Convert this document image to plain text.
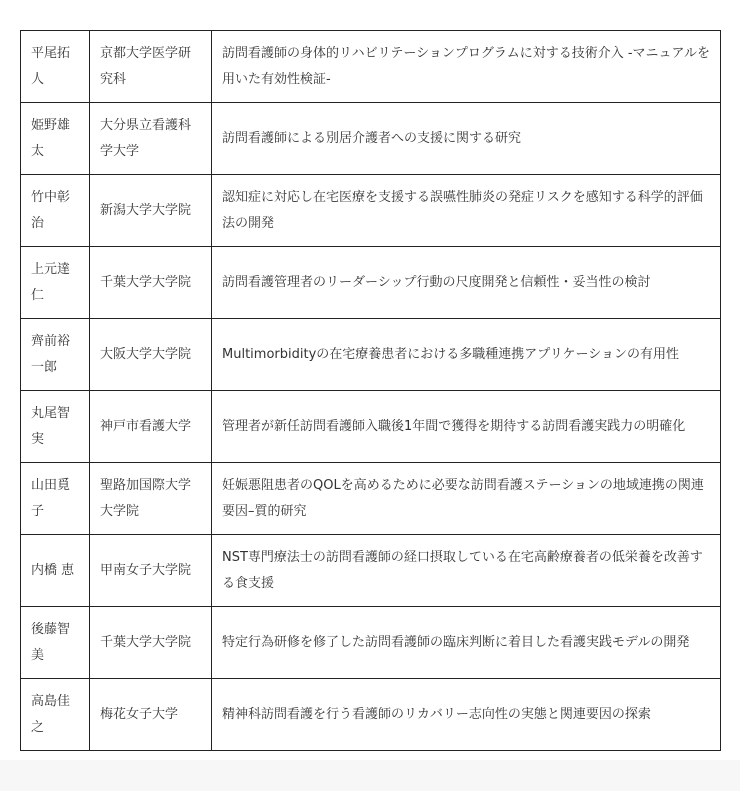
平尾拓人	京都大学医学研究科	訪問看護師の身体的リハビリテーションプログラムに対する技術介入 -マニュアルを用いた有効性検証-
姫野雄太	大分県立看護科学大学	訪問看護師による別居介護者への支援に関する研究
竹中彰治	新潟大学大学院	認知症に対応し在宅医療を支援する誤嚥性肺炎の発症リスクを感知する科学的評価法の開発
上元達仁	千葉大学大学院	訪問看護管理者のリーダーシップ行動の尺度開発と信頼性・妥当性の検討
齊前裕一郎	大阪大学大学院	Multimorbidityの在宅療養患者における多職種連携アプリケーションの有用性
丸尾智実	神戸市看護大学	管理者が新任訪問看護師入職後1年間で獲得を期待する訪問看護実践力の明確化
山田覓子	聖路加国際大学大学院	妊娠悪阻患者のQOLを高めるために必要な訪問看護ステーションの地域連携の関連要因–質的研究
内橋 恵	甲南女子大学院	NST専門療法士の訪問看護師の経口摂取している在宅高齢療養者の低栄養を改善する食支援
後藤智美	千葉大学大学院	特定行為研修を修了した訪問看護師の臨床判断に着目した看護実践モデルの開発
高島佳之	梅花女子大学	精神科訪問看護を行う看護師のリカバリー志向性の実態と関連要因の探索
